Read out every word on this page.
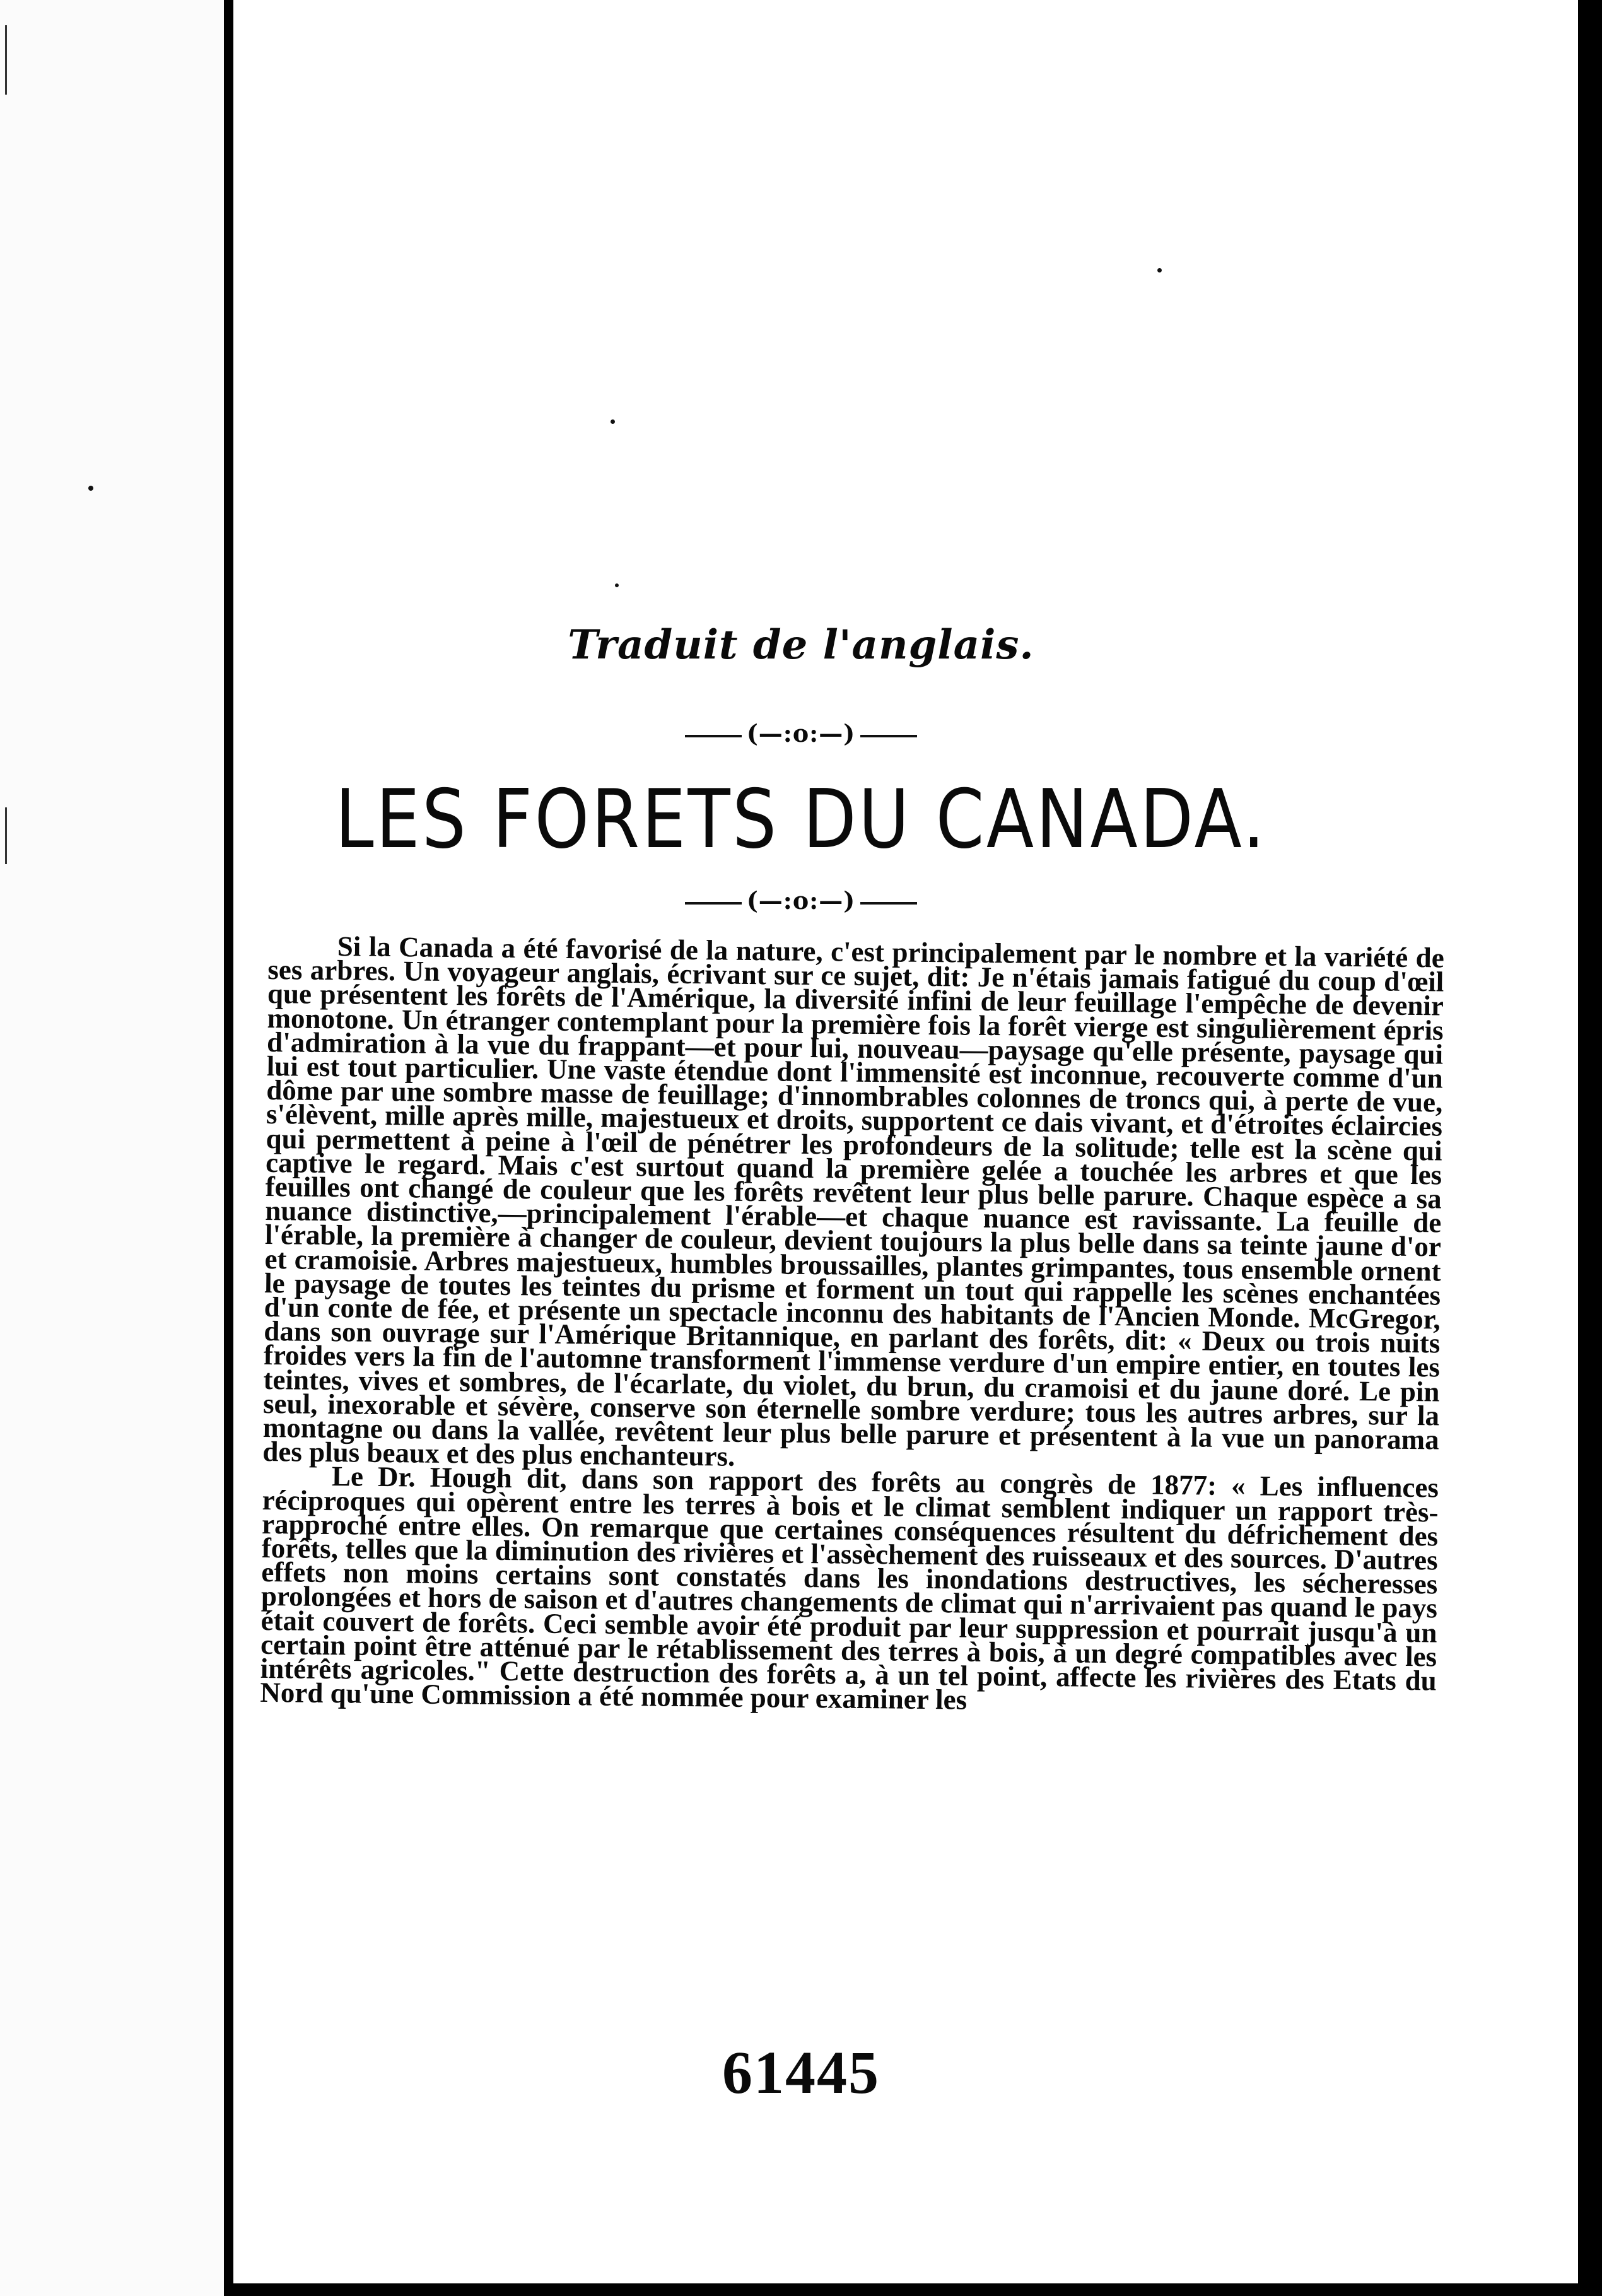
Traduit de l'anglais.
(—:o:—)
LES FORETS DU CANADA.
(—:o:—)

Si la Canada a été favorisé de la nature, c'est principalement par le nombre et la variété de ses arbres. Un voyageur anglais, écrivant sur ce sujet, dit: Je n'étais jamais fatigué du coup d'œil que présentent les forêts de l'Amérique, la diversité infini de leur feuillage l'empêche de devenir monotone. Un étranger contemplant pour la première fois la forêt vierge est singulièrement épris d'admiration à la vue du frappant—et pour lui, nouveau—paysage qu'elle présente, paysage qui lui est tout particulier. Une vaste étendue dont l'immensité est inconnue, recouverte comme d'un dôme par une sombre masse de feuillage; d'innombrables colonnes de troncs qui, à perte de vue, s'élèvent, mille après mille, majestueux et droits, supportent ce dais vivant, et d'étroites éclaircies qui permettent à peine à l'œil de pénétrer les profondeurs de la solitude; telle est la scène qui captive le regard. Mais c'est surtout quand la première gelée a touchée les arbres et que les feuilles ont changé de couleur que les forêts revêtent leur plus belle parure. Chaque espèce a sa nuance distinctive,—principalement l'érable—et chaque nuance est ravissante. La feuille de l'érable, la première à changer de couleur, devient toujours la plus belle dans sa teinte jaune d'or et cramoisie. Arbres majestueux, humbles broussailles, plantes grimpantes, tous ensemble ornent le paysage de toutes les teintes du prisme et forment un tout qui rappelle les scènes enchantées d'un conte de fée, et présente un spectacle inconnu des habitants de l'Ancien Monde. McGregor, dans son ouvrage sur l'Amérique Britannique, en parlant des forêts, dit: « Deux ou trois nuits froides vers la fin de l'automne transforment l'immense verdure d'un empire entier, en toutes les teintes, vives et sombres, de l'écarlate, du violet, du brun, du cramoisi et du jaune doré. Le pin seul, inexorable et sévère, conserve son éternelle sombre verdure; tous les autres arbres, sur la montagne ou dans la vallée, revêtent leur plus belle parure et présentent à la vue un panorama des plus beaux et des plus enchanteurs.

Le Dr. Hough dit, dans son rapport des forêts au congrès de 1877: « Les influences réciproques qui opèrent entre les terres à bois et le climat semblent indiquer un rapport très-rapproché entre elles. On remarque que certaines conséquences résultent du défrichement des forêts, telles que la diminution des rivières et l'assèchement des ruisseaux et des sources. D'autres effets non moins certains sont constatés dans les inondations destructives, les sécheresses prolongées et hors de saison et d'autres changements de climat qui n'arrivaient pas quand le pays était couvert de forêts. Ceci semble avoir été produit par leur suppression et pourrait jusqu'à un certain point être atténué par le rétablissement des terres à bois, à un degré compatibles avec les intérêts agricoles." Cette destruction des forêts a, à un tel point, affecte les rivières des Etats du Nord qu'une Commission a été nommée pour examiner les

61445
